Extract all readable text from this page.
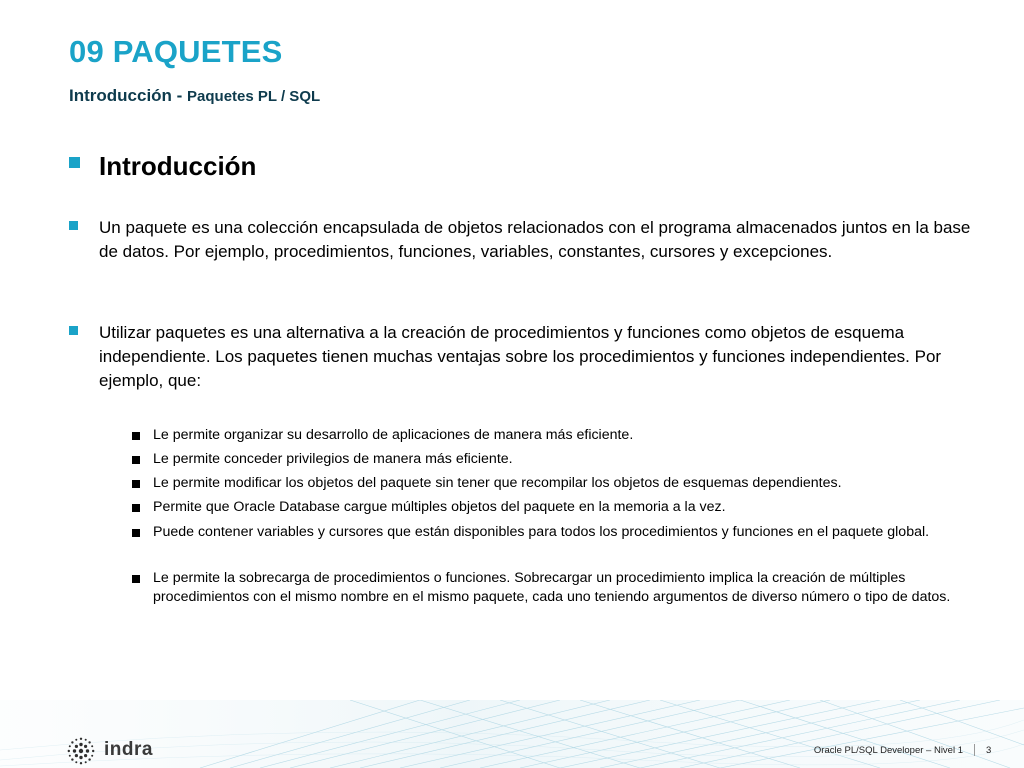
09 PAQUETES
Introducción - Paquetes PL / SQL
Introducción
Un paquete es una colección encapsulada de objetos relacionados con el programa almacenados juntos en la base de datos. Por ejemplo, procedimientos, funciones, variables, constantes, cursores y excepciones.
Utilizar paquetes es una alternativa a la creación de procedimientos y funciones como objetos de esquema independiente. Los paquetes tienen muchas ventajas sobre los procedimientos y funciones independientes. Por ejemplo, que:
Le permite organizar su desarrollo de aplicaciones de manera más eficiente.
Le permite conceder privilegios de manera más eficiente.
Le permite modificar los objetos del paquete sin tener que recompilar los objetos de esquemas dependientes.
Permite que Oracle Database cargue múltiples objetos del paquete en la memoria a la vez.
Puede contener variables y cursores que están disponibles para todos los procedimientos y funciones en el paquete global.
Le permite la sobrecarga de procedimientos o funciones. Sobrecargar un procedimiento implica la creación de múltiples procedimientos con el mismo nombre en el mismo paquete, cada uno teniendo argumentos de diverso número o tipo de datos.
indra	Oracle PL/SQL Developer – Nivel 1 3
